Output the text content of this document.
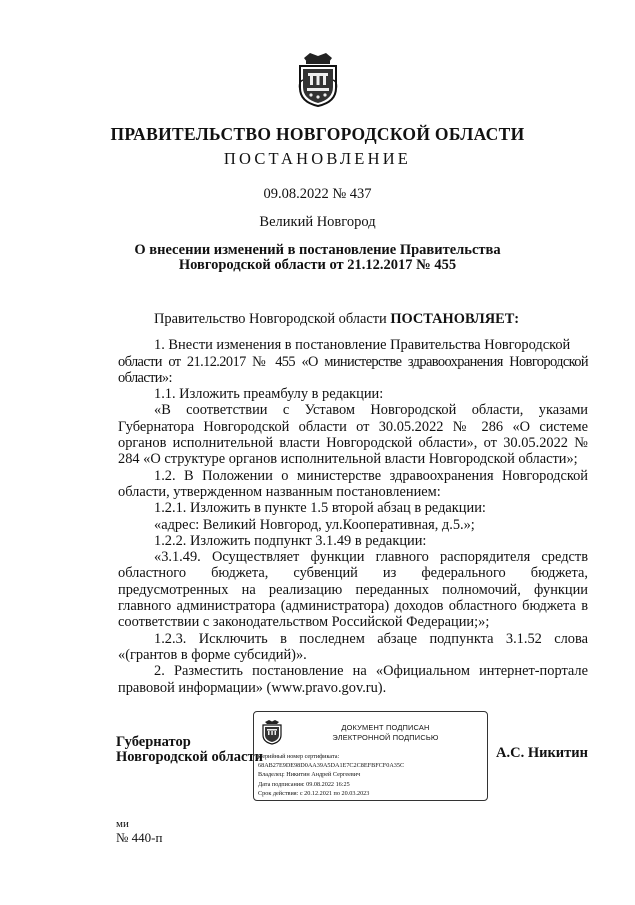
ПРАВИТЕЛЬСТВО НОВГОРОДСКОЙ ОБЛАСТИ
ПОСТАНОВЛЕНИЕ
09.08.2022 № 437
Великий Новгород
О внесении изменений в постановление Правительства
Новгородской области от 21.12.2017 № 455

Правительство Новгородской области ПОСТАНОВЛЯЕТ:

1. Внести изменения в постановление Правительства Новгородской

области от 21.12.2017 № 455 «О министерстве здравоохранения Новгородской области»:

1.1. Изложить преамбулу в редакции:

«В соответствии с Уставом Новгородской области, указами Губернатора Новгородской области от 30.05.2022 № 286 «О системе органов исполнительной власти Новгородской области», от 30.05.2022 № 284 «О структуре органов исполнительной власти Новгородской области»;

1.2. В Положении о министерстве здравоохранения Новгородской области, утвержденном названным постановлением:

1.2.1. Изложить в пункте 1.5 второй абзац в редакции:

«адрес: Великий Новгород, ул.Кооперативная, д.5.»;

1.2.2. Изложить подпункт 3.1.49 в редакции:

«3.1.49. Осуществляет функции главного распорядителя средств областного бюджета, субвенций из федерального бюджета, предусмотренных на реализацию переданных полномочий, функции главного администратора (администратора) доходов областного бюджета в соответствии с законодательством Российской Федерации;»;

1.2.3. Исключить в последнем абзаце подпункта 3.1.52 слова «(грантов в форме субсидий)».

2. Разместить постановление на «Официальном интернет-портале правовой информации» (www.pravo.gov.ru).

Губернатор
Новгородской области
ДОКУМЕНТ ПОДПИСАН
ЭЛЕКТРОННОЙ ПОДПИСЬЮ
Серийный номер сертификата:
68AB27E9DE98D0AA39A5DA1E7C2C8EFBFCF0A35C
Владелец: Никитин Андрей Сергеевич
Дата подписания: 09.08.2022 16:25
Срок действия: с 20.12.2021 по 20.03.2023
А.С. Никитин
ми
№ 440-п
